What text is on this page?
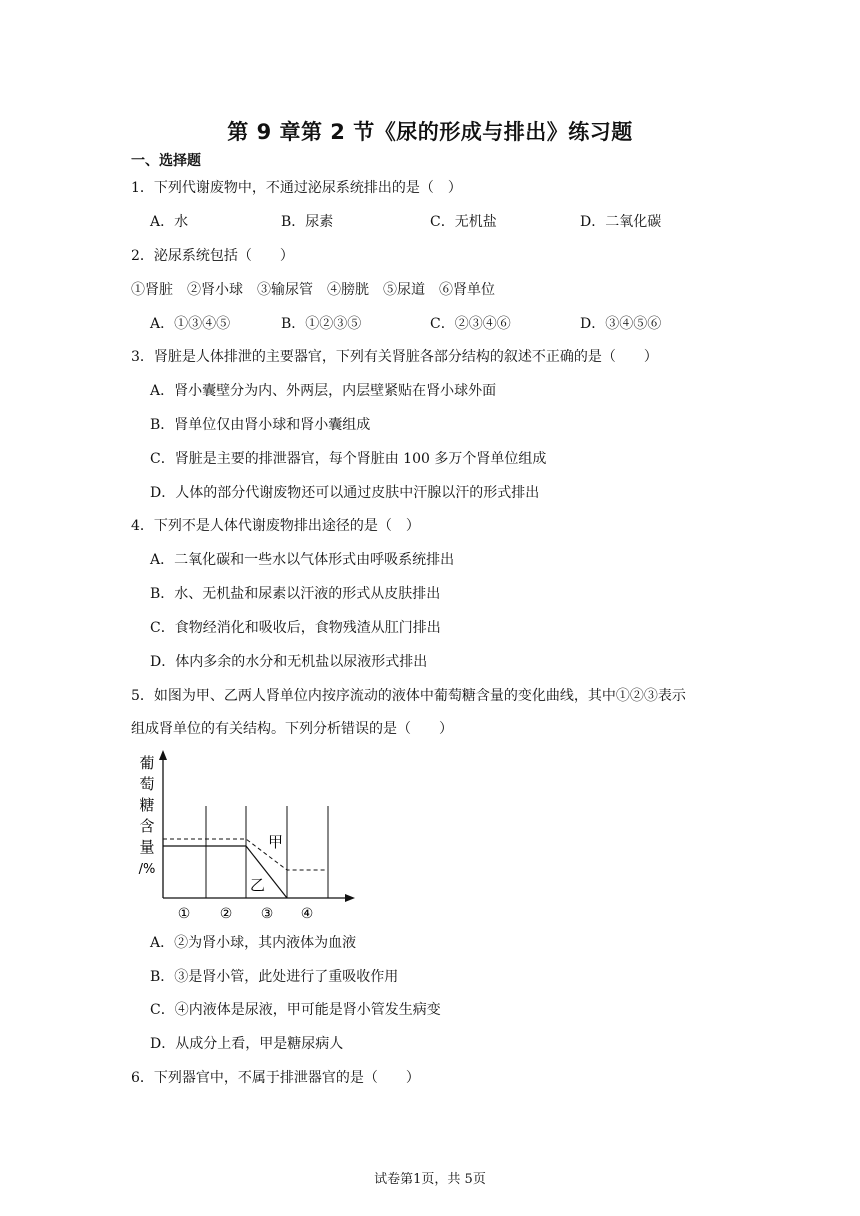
第 9 章第 2 节《尿的形成与排出》练习题
一、选择题
1．下列代谢废物中，不通过泌尿系统排出的是（　）
A．水	B．尿素	C．无机盐	D．二氧化碳
2．泌尿系统包括（　　）
①肾脏　②肾小球　③输尿管　④膀胱　⑤尿道　⑥肾单位
A．①③④⑤	B．①②③⑤	C．②③④⑥	D．③④⑤⑥
3．肾脏是人体排泄的主要器官，下列有关肾脏各部分结构的叙述不正确的是（　　）
A．肾小囊壁分为内、外两层，内层壁紧贴在肾小球外面
B．肾单位仅由肾小球和肾小囊组成
C．肾脏是主要的排泄器官，每个肾脏由 100 多万个肾单位组成
D．人体的部分代谢废物还可以通过皮肤中汗腺以汗的形式排出
4．下列不是人体代谢废物排出途径的是（　）
A．二氧化碳和一些水以气体形式由呼吸系统排出
B．水、无机盐和尿素以汗液的形式从皮肤排出
C．食物经消化和吸收后，食物残渣从肛门排出
D．体内多余的水分和无机盐以尿液形式排出
5．如图为甲、乙两人肾单位内按序流动的液体中葡萄糖含量的变化曲线，其中①②③表示
组成肾单位的有关结构。下列分析错误的是（　　）
葡
萄
糖
含
量
/%
甲
乙
① ② ③ ④
A．②为肾小球，其内液体为血液
B．③是肾小管，此处进行了重吸收作用
C．④内液体是尿液，甲可能是肾小管发生病变
D．从成分上看，甲是糖尿病人
6．下列器官中，不属于排泄器官的是（　　）
试卷第1页，共 5页
